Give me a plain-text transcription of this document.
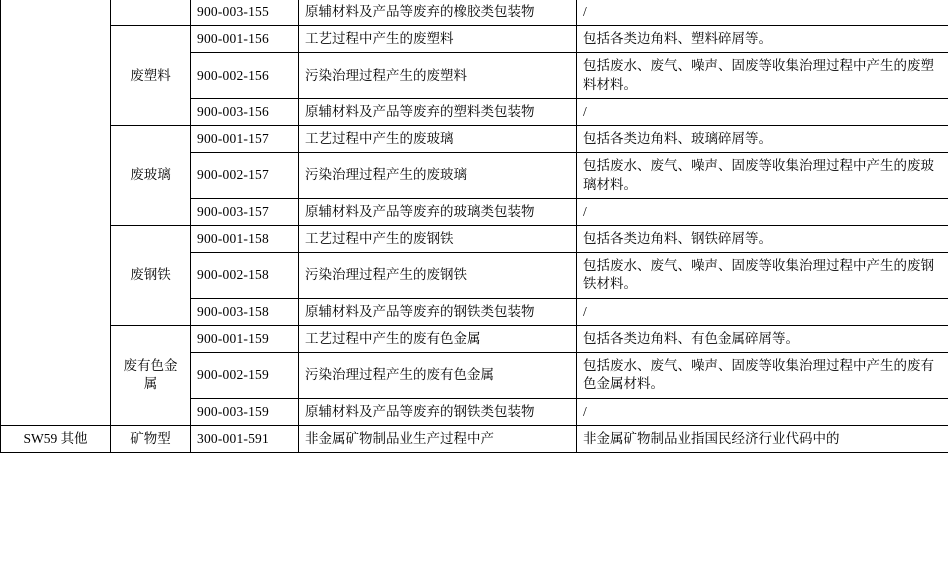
		900-003-155	原辅材料及产品等废弃的橡胶类包装物	/
	废塑料	900-001-156	工艺过程中产生的废塑料	包括各类边角料、塑料碎屑等。
		900-002-156	污染治理过程产生的废塑料	包括废水、废气、噪声、固废等收集治理过程中产生的废塑料材料。
		900-003-156	原辅材料及产品等废弃的塑料类包装物	/
	废玻璃	900-001-157	工艺过程中产生的废玻璃	包括各类边角料、玻璃碎屑等。
		900-002-157	污染治理过程产生的废玻璃	包括废水、废气、噪声、固废等收集治理过程中产生的废玻璃材料。
		900-003-157	原辅材料及产品等废弃的玻璃类包装物	/
	废钢铁	900-001-158	工艺过程中产生的废钢铁	包括各类边角料、钢铁碎屑等。
		900-002-158	污染治理过程产生的废钢铁	包括废水、废气、噪声、固废等收集治理过程中产生的废钢铁材料。
		900-003-158	原辅材料及产品等废弃的钢铁类包装物	/
	废有色金属	900-001-159	工艺过程中产生的废有色金属	包括各类边角料、有色金属碎屑等。
		900-002-159	污染治理过程产生的废有色金属	包括废水、废气、噪声、固废等收集治理过程中产生的废有色金属材料。
		900-003-159	原辅材料及产品等废弃的钢铁类包装物	/
SW59 其他	矿物型	300-001-591	非金属矿物制品业生产过程中产	非金属矿物制品业指国民经济行业代码中的
